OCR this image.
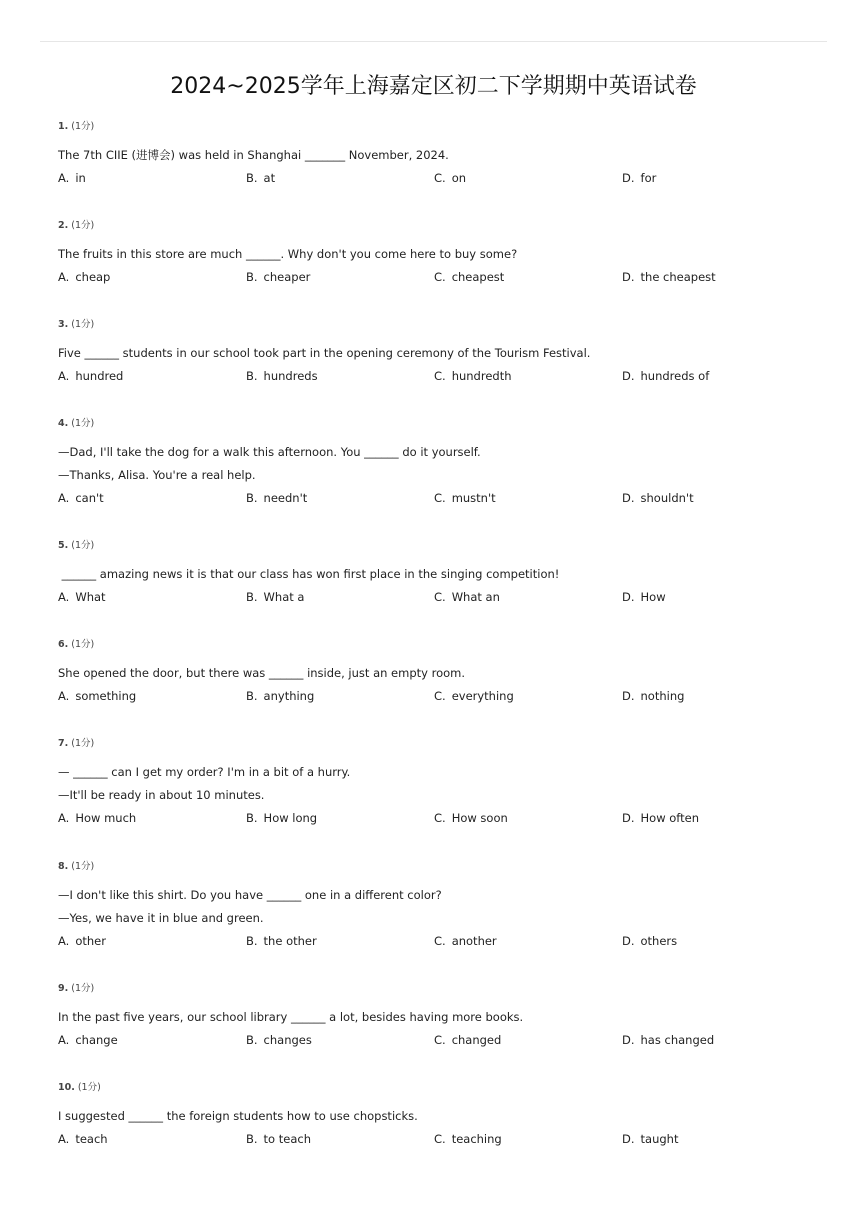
2024~2025学年上海嘉定区初二下学期期中英语试卷
1. (1分)
The 7th CIIE (进博会) was held in Shanghai _______ November, 2024.
A. in	B. at	C. on	D. for
2. (1分)
The fruits in this store are much ______. Why don't you come here to buy some?
A. cheap	B. cheaper	C. cheapest	D. the cheapest
3. (1分)
Five ______ students in our school took part in the opening ceremony of the Tourism Festival.
A. hundred	B. hundreds	C. hundredth	D. hundreds of
4. (1分)
—Dad, I'll take the dog for a walk this afternoon. You ______ do it yourself.
—Thanks, Alisa. You're a real help.
A. can't	B. needn't	C. mustn't	D. shouldn't
5. (1分)
______ amazing news it is that our class has won first place in the singing competition!
A. What	B. What a	C. What an	D. How
6. (1分)
She opened the door, but there was ______ inside, just an empty room.
A. something	B. anything	C. everything	D. nothing
7. (1分)
— ______ can I get my order? I'm in a bit of a hurry.
—It'll be ready in about 10 minutes.
A. How much	B. How long	C. How soon	D. How often
8. (1分)
—I don't like this shirt. Do you have ______ one in a different color?
—Yes, we have it in blue and green.
A. other	B. the other	C. another	D. others
9. (1分)
In the past five years, our school library ______ a lot, besides having more books.
A. change	B. changes	C. changed	D. has changed
10. (1分)
I suggested ______ the foreign students how to use chopsticks.
A. teach	B. to teach	C. teaching	D. taught
